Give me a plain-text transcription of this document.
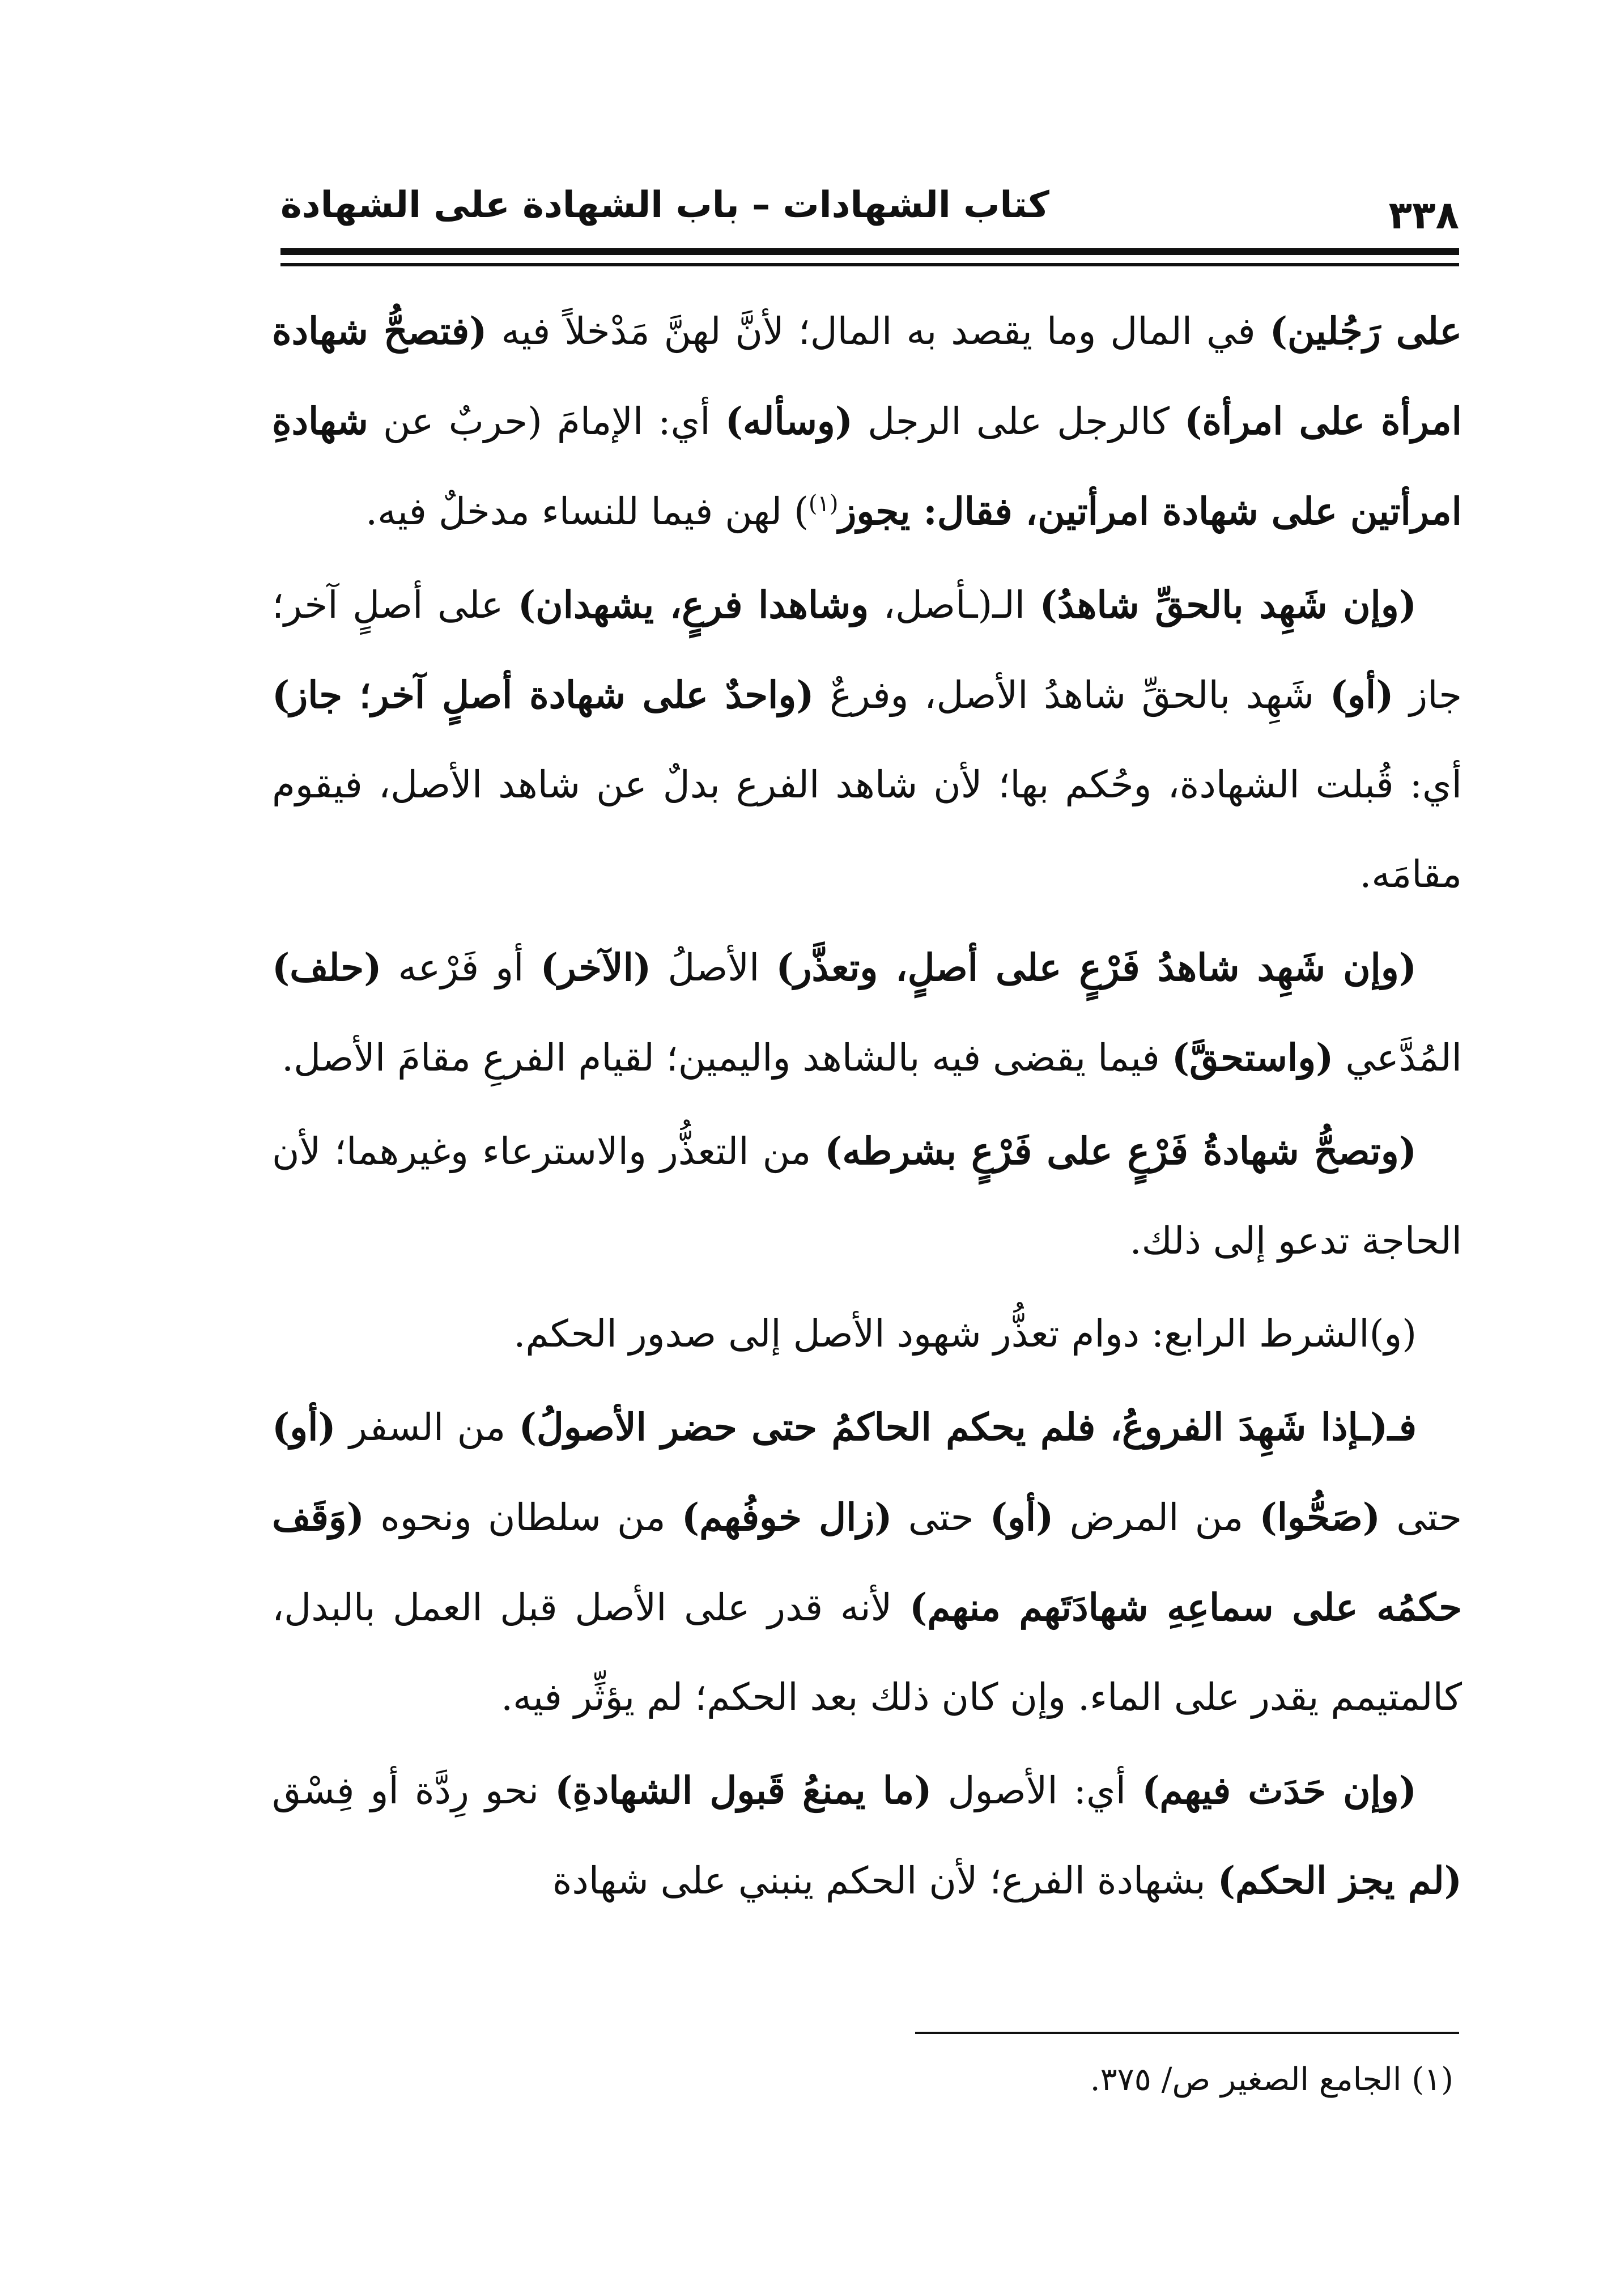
٣٣٨
كتاب الشهادات – باب الشهادة على الشهادة

على رَجُلين) في المال وما يقصد به المال؛ لأنَّ لهنَّ مَدْخلاً فيه (فتصحُّ شهادة امرأة على امرأة) كالرجل على الرجل (وسأله) أي: الإمامَ (حربٌ عن شهادةِ امرأتين على شهادة امرأتين، فقال: يجوز$^{(١)}$) لهن فيما للنساء مدخلٌ فيه.

(وإن شَهِد بالحقِّ شاهدُ) الـ(ـأصل، وشاهدا فرعٍ، يشهدان) على أصلٍ آخر؛ جاز (أو) شَهِد بالحقِّ شاهدُ الأصل، وفرعٌ (واحدٌ على شهادة أصلٍ آخر؛ جاز) أي: قُبلت الشهادة، وحُكم بها؛ لأن شاهد الفرع بدلٌ عن شاهد الأصل، فيقوم مقامَه.

(وإن شَهِد شاهدُ فَرْعٍ على أصلٍ، وتعذَّر) الأصلُ (الآخر) أو فَرْعه (حلف) المُدَّعي (واستحقَّ) فيما يقضى فيه بالشاهد واليمين؛ لقيام الفرعِ مقامَ الأصل.

(وتصحُّ شهادةُ فَرْعٍ على فَرْعٍ بشرطه) من التعذُّر والاسترعاء وغيرهما؛ لأن الحاجة تدعو إلى ذلك.

(و)الشرط الرابع: دوام تعذُّر شهود الأصل إلى صدور الحكم.

فـ(ـإذا شَهِدَ الفروعُ، فلم يحكم الحاكمُ حتى حضر الأصولُ) من السفر (أو) حتى (صَحُّوا) من المرض (أو) حتى (زال خوفُهم) من سلطان ونحوه (وَقَف حكمُه على سماعِهِ شهادَتَهم منهم) لأنه قدر على الأصل قبل العمل بالبدل، كالمتيمم يقدر على الماء. وإن كان ذلك بعد الحكم؛ لم يؤثِّر فيه.

(وإن حَدَث فيهم) أي: الأصول (ما يمنعُ قَبول الشهادةِ) نحو رِدَّة أو فِسْق (لم يجز الحكم) بشهادة الفرع؛ لأن الحكم ينبني على شهادة

(١) الجامع الصغير ص/ ٣٧٥.
